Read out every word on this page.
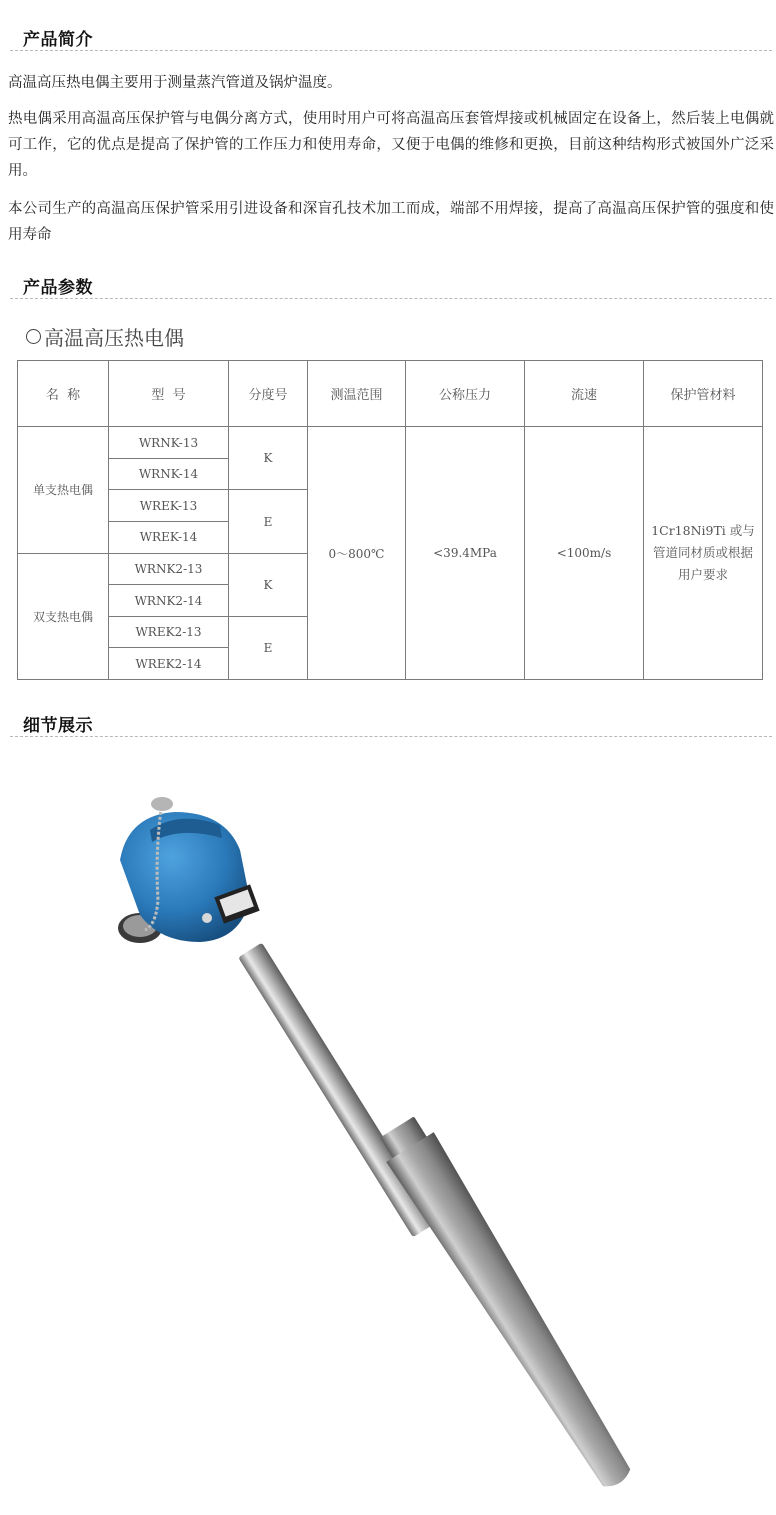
产品简介

高温高压热电偶主要用于测量蒸汽管道及锅炉温度。

热电偶采用高温高压保护管与电偶分离方式，使用时用户可将高温高压套管焊接或机械固定在设备上，然后装上电偶就可工作，它的优点是提高了保护管的工作压力和使用寿命，又便于电偶的维修和更换，目前这种结构形式被国外广泛采用。

本公司生产的高温高压保护管采用引进设备和深盲孔技术加工而成，端部不用焊接，提高了高温高压保护管的强度和使用寿命

产品参数
高温高压热电偶
名  称	型  号	分度号	测温范围	公称压力	流速	保护管材料
单支热电偶	WRNK-13	K	0～800℃	<39.4MPa	<100m/s	1Cr18Ni9Ti 或与管道同材质或根据用户要求
	WRNK-14					
	WREK-13	E				
	WREK-14					
双支热电偶	WRNK2-13	K				
	WRNK2-14					
	WREK2-13	E				
	WREK2-14					
细节展示
